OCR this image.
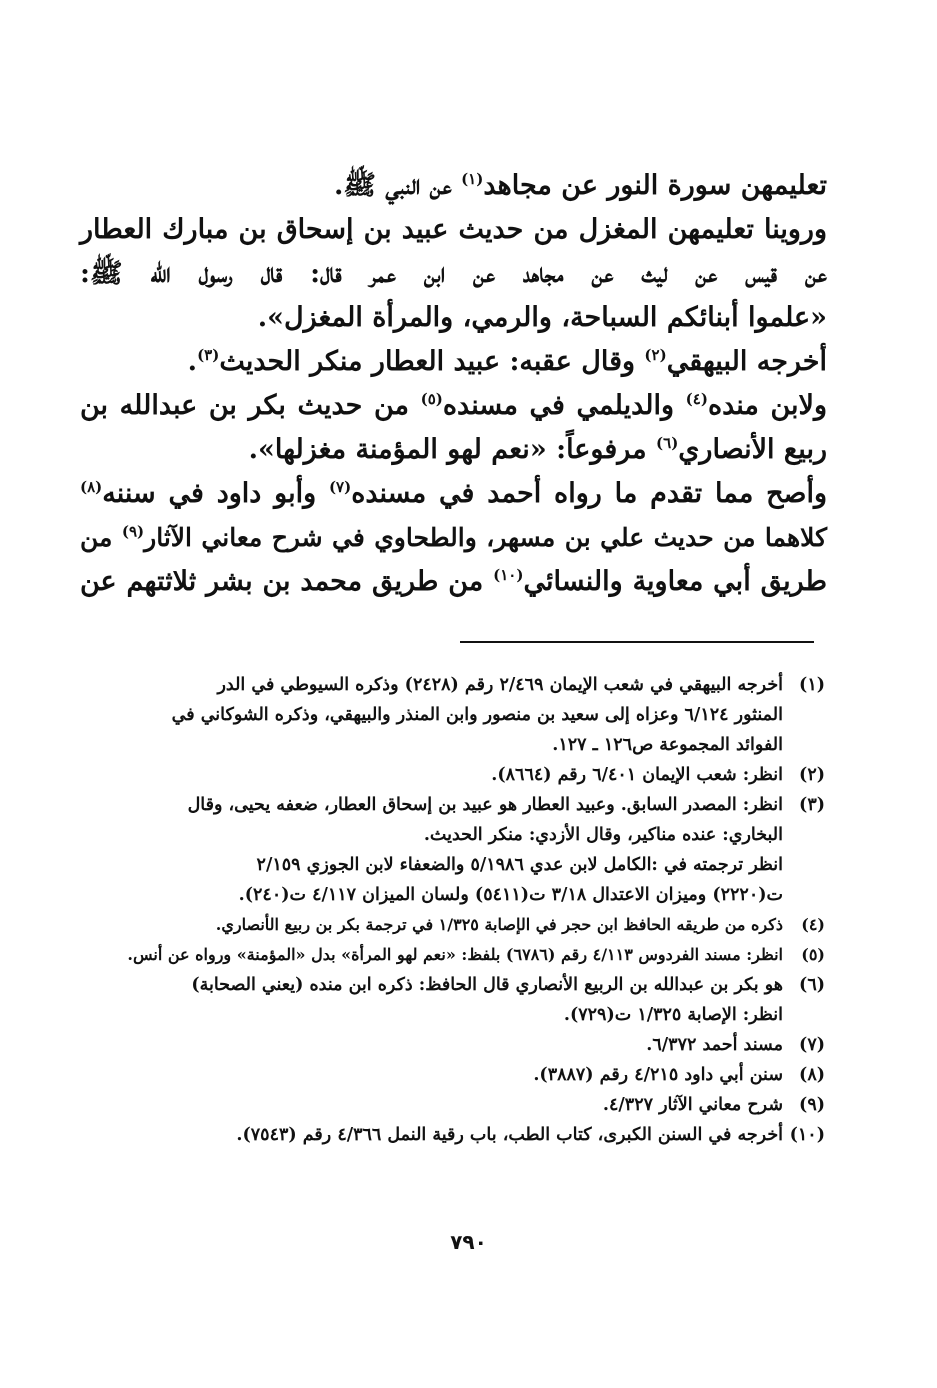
تعليمهن سورة النور عن مجاهد$^{(١)}$ عن النبي ﷺ.
وروينا تعليمهن المغزل من حديث عبيد بن إسحاق بن مبارك العطار
عن قيس عن ليث عن مجاهد عن ابن عمر قال: قال رسول الله ﷺ:
«علموا أبنائكم السباحة، والرمي، والمرأة المغزل».
أخرجه البيهقي$^{(٢)}$ وقال عقبه: عبيد العطار منكر الحديث$^{(٣)}$.
ولابن منده$^{(٤)}$ والديلمي في مسنده$^{(٥)}$ من حديث بكر بن عبدالله بن
ربيع الأنصاري$^{(٦)}$ مرفوعاً: «نعم لهو المؤمنة مغزلها».
وأصح مما تقدم ما رواه أحمد في مسنده$^{(٧)}$ وأبو داود في سننه$^{(٨)}$
كلاهما من حديث علي بن مسهر، والطحاوي في شرح معاني الآثار$^{(٩)}$ من
طريق أبي معاوية والنسائي$^{(١٠)}$ من طريق محمد بن بشر ثلاثتهم عن
(١)
أخرجه البيهقي في شعب الإيمان ٢/٤٦٩ رقم (٢٤٢٨) وذكره السيوطي في الدر
المنثور ٦/١٢٤ وعزاه إلى سعيد بن منصور وابن المنذر والبيهقي، وذكره الشوكاني في
الفوائد المجموعة ص١٢٦ ـ ١٢٧.
(٢)
انظر: شعب الإيمان ٦/٤٠١ رقم (٨٦٦٤).
(٣)
انظر: المصدر السابق. وعبيد العطار هو عبيد بن إسحاق العطار، ضعفه يحيى، وقال
البخاري: عنده مناكير، وقال الأزدي: منكر الحديث.
انظر ترجمته في :الكامل لابن عدي ٥/١٩٨٦ والضعفاء لابن الجوزي ٢/١٥٩
ت(٢٢٢٠) وميزان الاعتدال ٣/١٨ ت(٥٤١١) ولسان الميزان ٤/١١٧ ت(٢٤٠).
(٤)
ذكره من طريقه الحافظ ابن حجر في الإصابة ١/٣٢٥ في ترجمة بكر بن ربيع الأنصاري.
(٥)
انظر: مسند الفردوس ٤/١١٣ رقم (٦٧٨٦) بلفظ: «نعم لهو المرأة» بدل «المؤمنة» ورواه عن أنس.
(٦)
هو بكر بن عبدالله بن الربيع الأنصاري قال الحافظ: ذكره ابن منده (يعني الصحابة)
انظر: الإصابة ١/٣٢٥ ت(٧٢٩).
(٧)
مسند أحمد ٦/٣٧٢.
(٨)
سنن أبي داود ٤/٢١٥ رقم (٣٨٨٧).
(٩)
شرح معاني الآثار ٤/٣٢٧.
(١٠)
أخرجه في السنن الكبرى، كتاب الطب، باب رقية النمل ٤/٣٦٦ رقم (٧٥٤٣).
٧٩٠
